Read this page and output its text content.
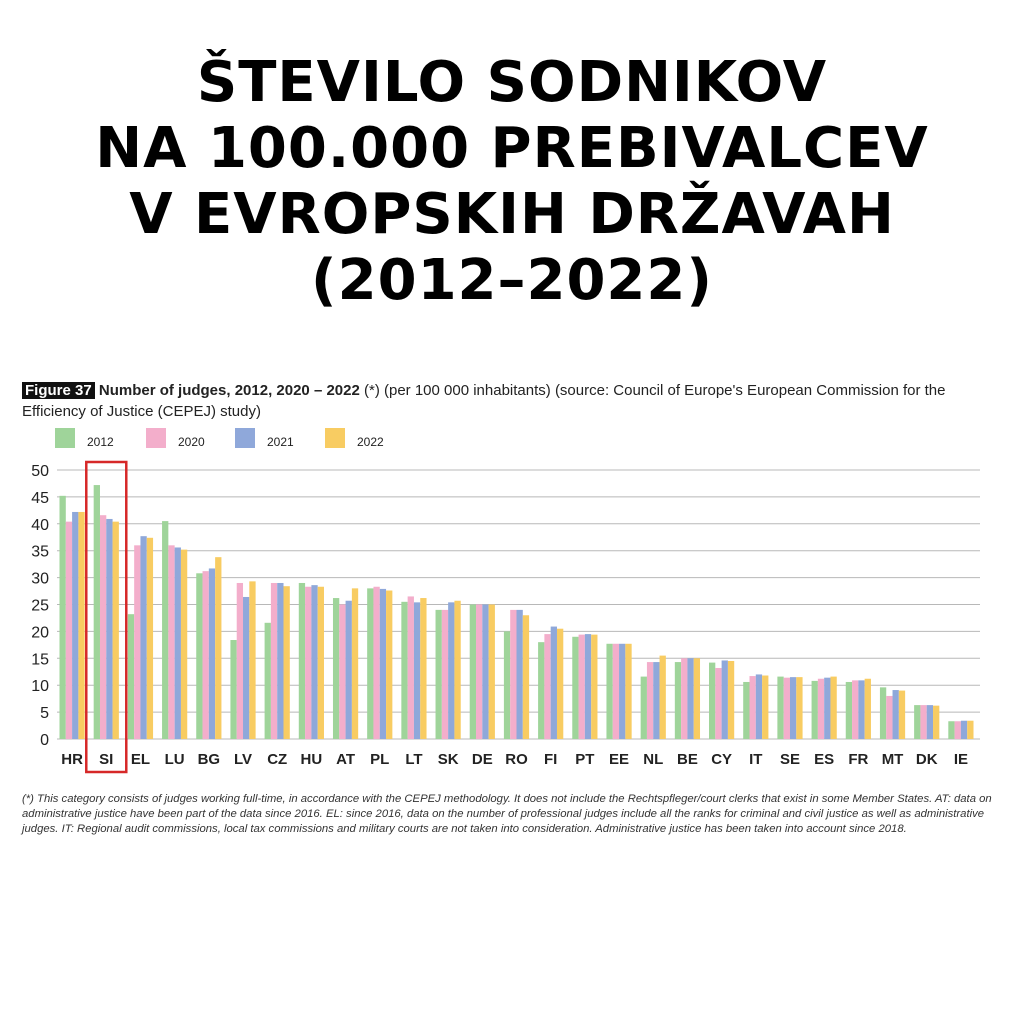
ŠTEVILO SODNIKOV
NA 100.000 PREBIVALCEV
V EVROPSKIH DRŽAVAH
(2012–2022)
Figure 37 Number of judges, 2012, 2020 – 2022 (*) (per 100 000 inhabitants) (source: Council of Europe's European Commission for the Efficiency of Justice (CEPEJ) study)
2012	2020	2021	2022
0
5
10
15
20
25
30
35
40
45
50
HR SI EL LU BG LV CZ HU AT PL LT SK DE RO FI PT EE NL BE CY IT SE ES FR MT DK IE
(*) This category consists of judges working full-time, in accordance with the CEPEJ methodology. It does not include the Rechtspfleger/court clerks that exist in some Member States. AT: data on administrative justice have been part of the data since 2016. EL: since 2016, data on the number of professional judges include all the ranks for criminal and civil justice as well as administrative judges. IT: Regional audit commissions, local tax commissions and military courts are not taken into consideration. Administrative justice has been taken into account since 2018.
